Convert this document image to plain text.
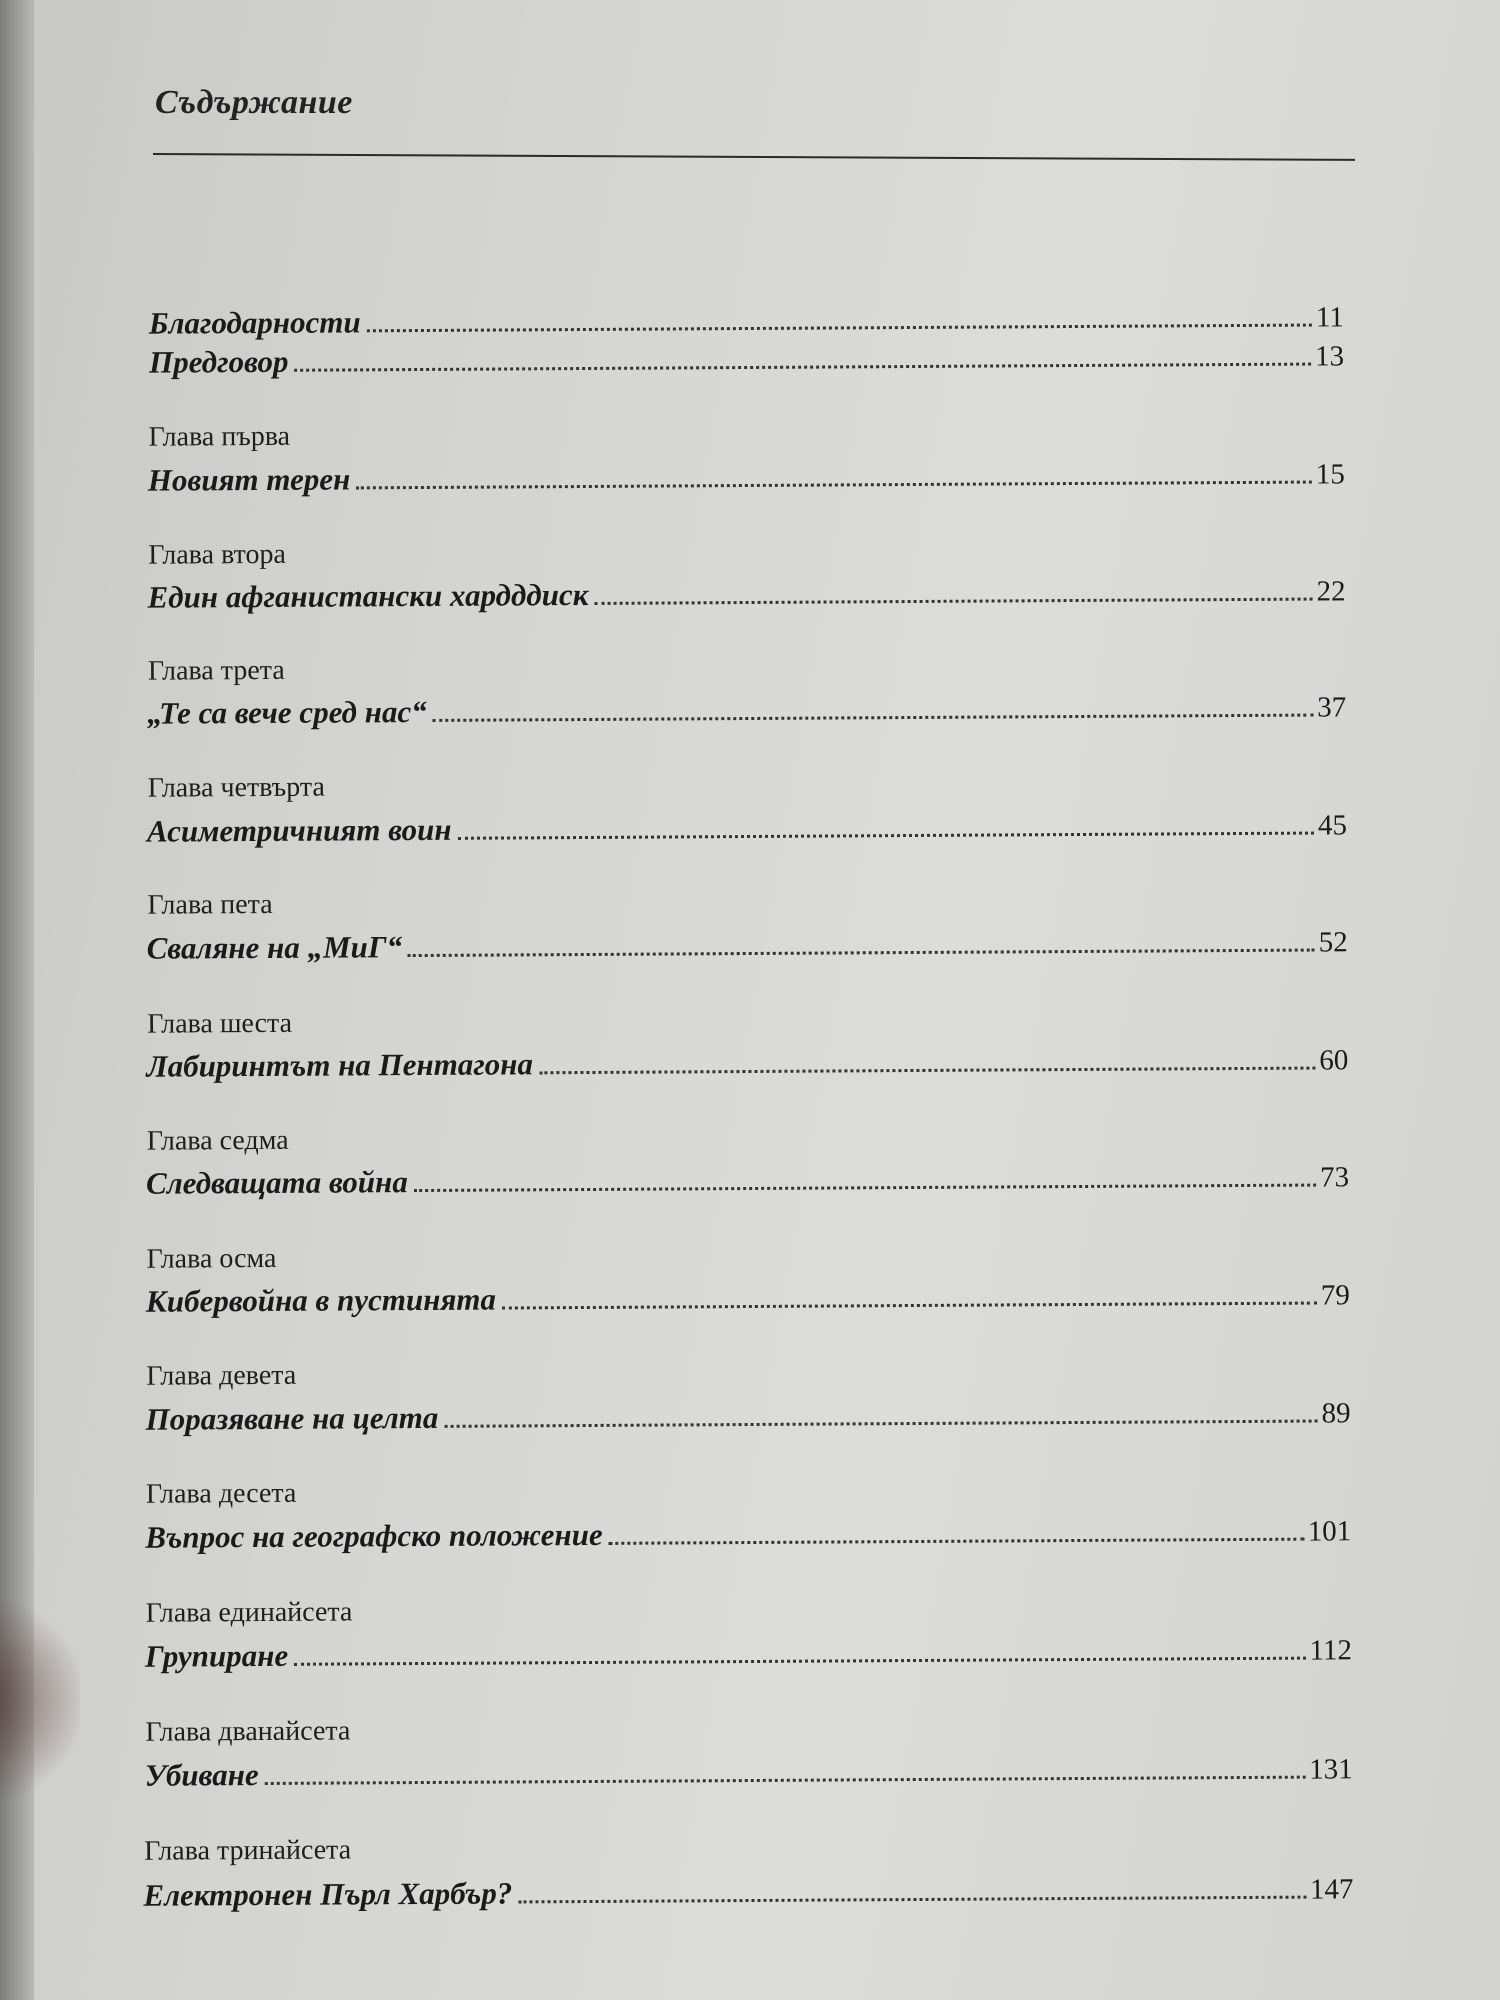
Съдържание
Благодарности	11
Предговор	13
Глава първа
Новият терен	15
Глава втора
Един афганистански хардддиск	22
Глава трета
„Те са вече сред нас“	37
Глава четвърта
Асиметричният воин	45
Глава пета
Сваляне на „МиГ“	52
Глава шеста
Лабиринтът на Пентагона	60
Глава седма
Следващата война	73
Глава осма
Кибервойна в пустинята	79
Глава девета
Поразяване на целта	89
Глава десета
Въпрос на географско положение	101
Глава единайсета
Групиране	112
Глава дванайсета
Убиване	131
Глава тринайсета
Електронен Пърл Харбър?	147
